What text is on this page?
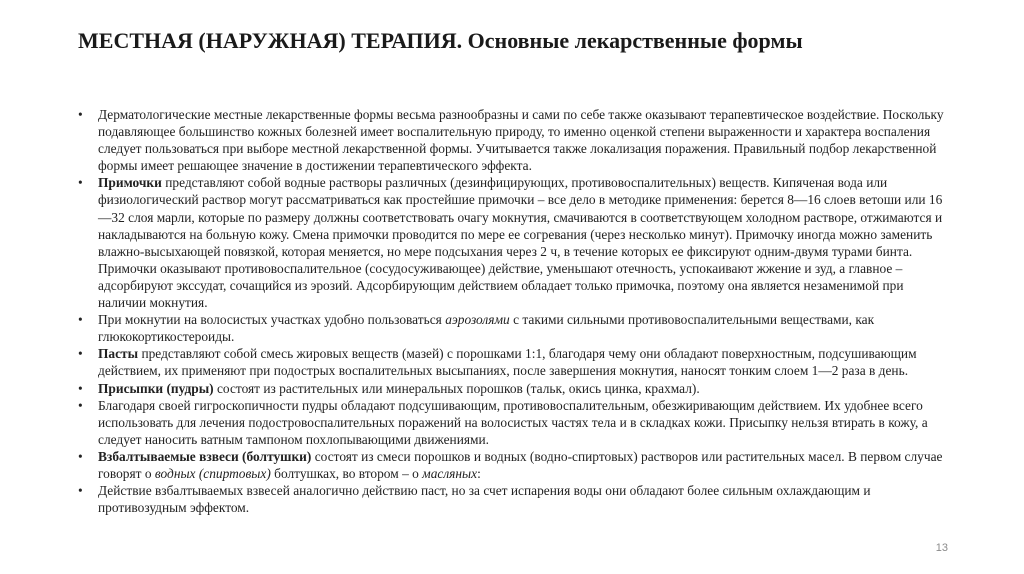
МЕСТНАЯ (НАРУЖНАЯ) ТЕРАПИЯ. Основные лекарственные формы
•	Дерматологические местные лекарственные формы весьма разнообразны и сами по себе также оказывают терапевтическое воздействие. Поскольку подавляющее большинство кожных болезней имеет воспалительную природу, то именно оценкой степени выраженности и характера воспаления следует пользоваться при выборе местной лекарственной формы. Учитывается также локализация поражения. Правильный подбор лекарственной формы имеет решающее значение в достижении терапевтического эффекта.
•	Примочки представляют собой водные растворы различных (дезинфицирующих, противовоспалительных) веществ. Кипяченая вода или физиологический раствор могут рассматриваться как простейшие примочки – все дело в методике применения: берется 8—16 слоев ветоши или 16—32 слоя марли, которые по размеру должны соответствовать очагу мокнутия, смачиваются в соответствующем холодном растворе, отжимаются и накладываются на больную кожу. Смена примочки проводится по мере ее согревания (через несколько минут). Примочку иногда можно заменить влажно-высыхающей повязкой, которая меняется, но мере подсыхания через 2 ч, в течение которых ее фиксируют одним-двумя турами бинта. Примочки оказывают противовоспалительное (сосудосуживающее) действие, уменьшают отечность, успокаивают жжение и зуд, а главное – адсорбируют экссудат, сочащийся из эрозий. Адсорбирующим действием обладает только примочка, поэтому она является незаменимой при наличии мокнутия.
•	При мокнутии на волосистых участках удобно пользоваться аэрозолями с такими сильными противовоспалительными веществами, как глюкокортикостероиды.
•	Пасты представляют собой смесь жировых веществ (мазей) с порошками 1:1, благодаря чему они обладают поверхностным, подсушивающим действием, их применяют при подострых воспалительных высыпаниях, после завершения мокнутия, наносят тонким слоем 1—2 раза в день.
•	Присыпки (пудры) состоят из растительных или минеральных порошков (тальк, окись цинка, крахмал).
•	Благодаря своей гигроскопичности пудры обладают подсушивающим, противовоспалительным, обезжиривающим действием. Их удобнее всего использовать для лечения подостровоспалительных поражений на волосистых частях тела и в складках кожи. Присыпку нельзя втирать в кожу, а следует наносить ватным тампоном похлопывающими движениями.
•	Взбалтываемые взвеси (болтушки) состоят из смеси порошков и водных (водно-спиртовых) растворов или растительных масел. В первом случае говорят о водных (спиртовых) болтушках, во втором – о масляных:
•	Действие взбалтываемых взвесей аналогично действию паст, но за счет испарения воды они обладают более сильным охлаждающим и противозудным эффектом.
13
